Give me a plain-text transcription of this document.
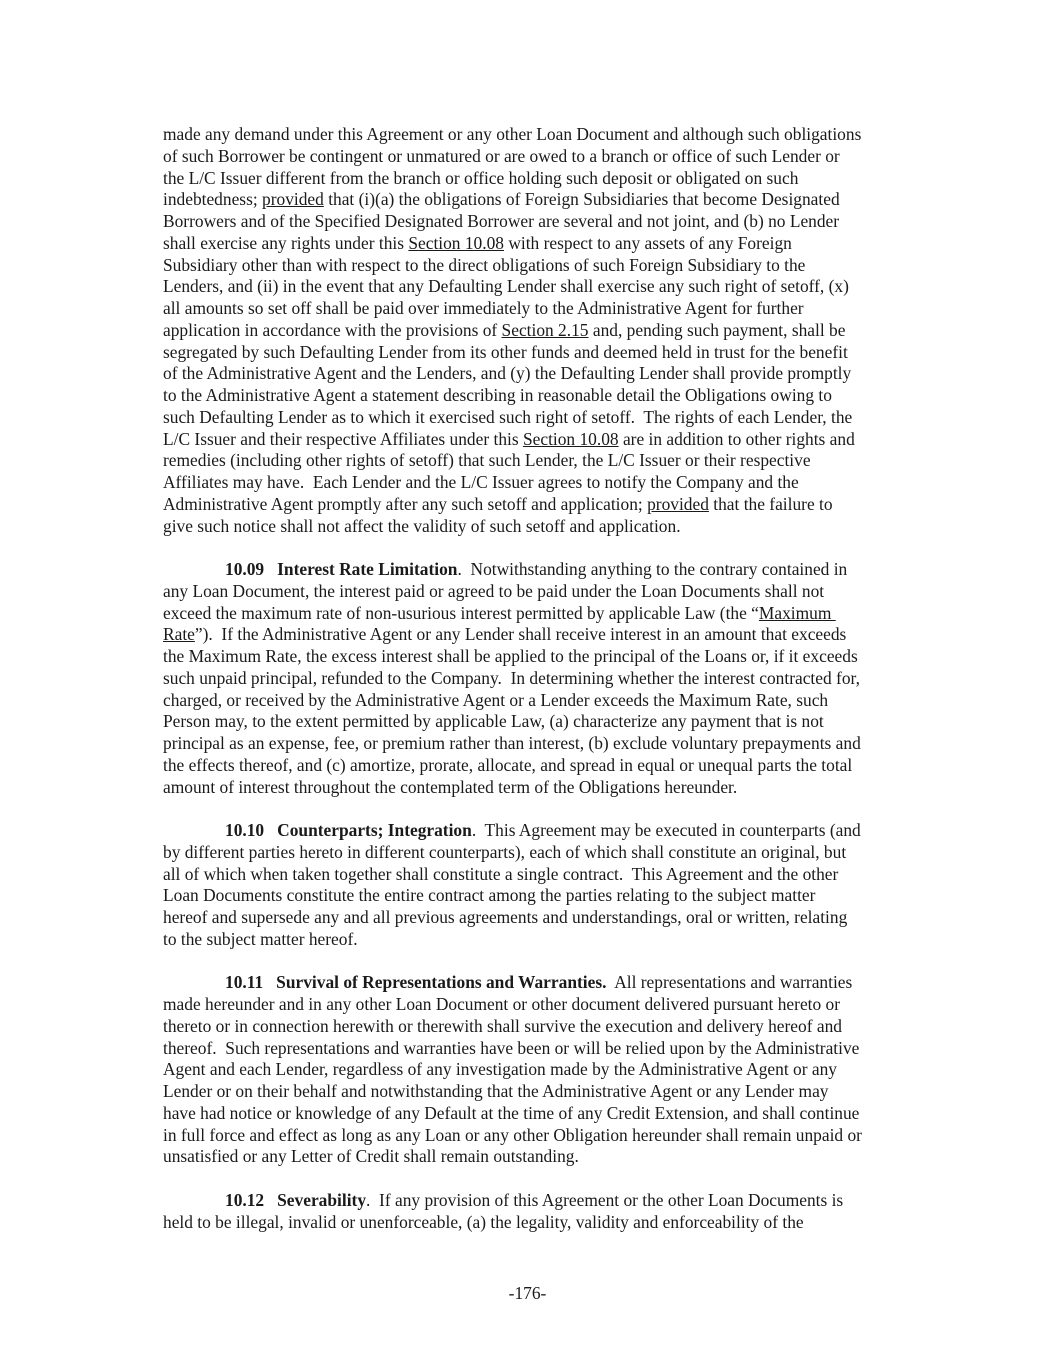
made any demand under this Agreement or any other Loan Document and although such obligations
of such Borrower be contingent or unmatured or are owed to a branch or office of such Lender or
the L/C Issuer different from the branch or office holding such deposit or obligated on such
indebtedness; provided that (i)(a) the obligations of Foreign Subsidiaries that become Designated
Borrowers and of the Specified Designated Borrower are several and not joint, and (b) no Lender
shall exercise any rights under this Section 10.08 with respect to any assets of any Foreign
Subsidiary other than with respect to the direct obligations of such Foreign Subsidiary to the
Lenders, and (ii) in the event that any Defaulting Lender shall exercise any such right of setoff, (x)
all amounts so set off shall be paid over immediately to the Administrative Agent for further
application in accordance with the provisions of Section 2.15 and, pending such payment, shall be
segregated by such Defaulting Lender from its other funds and deemed held in trust for the benefit
of the Administrative Agent and the Lenders, and (y) the Defaulting Lender shall provide promptly
to the Administrative Agent a statement describing in reasonable detail the Obligations owing to
such Defaulting Lender as to which it exercised such right of setoff.  The rights of each Lender, the
L/C Issuer and their respective Affiliates under this Section 10.08 are in addition to other rights and
remedies (including other rights of setoff) that such Lender, the L/C Issuer or their respective
Affiliates may have.  Each Lender and the L/C Issuer agrees to notify the Company and the
Administrative Agent promptly after any such setoff and application; provided that the failure to
give such notice shall not affect the validity of such setoff and application.
10.09 Interest Rate Limitation.  Notwithstanding anything to the contrary contained in
any Loan Document, the interest paid or agreed to be paid under the Loan Documents shall not
exceed the maximum rate of non-usurious interest permitted by applicable Law (the “Maximum
Rate”).  If the Administrative Agent or any Lender shall receive interest in an amount that exceeds
the Maximum Rate, the excess interest shall be applied to the principal of the Loans or, if it exceeds
such unpaid principal, refunded to the Company.  In determining whether the interest contracted for,
charged, or received by the Administrative Agent or a Lender exceeds the Maximum Rate, such
Person may, to the extent permitted by applicable Law, (a) characterize any payment that is not
principal as an expense, fee, or premium rather than interest, (b) exclude voluntary prepayments and
the effects thereof, and (c) amortize, prorate, allocate, and spread in equal or unequal parts the total
amount of interest throughout the contemplated term of the Obligations hereunder.
10.10 Counterparts; Integration.  This Agreement may be executed in counterparts (and
by different parties hereto in different counterparts), each of which shall constitute an original, but
all of which when taken together shall constitute a single contract.  This Agreement and the other
Loan Documents constitute the entire contract among the parties relating to the subject matter
hereof and supersede any and all previous agreements and understandings, oral or written, relating
to the subject matter hereof.
10.11 Survival of Representations and Warranties.  All representations and warranties
made hereunder and in any other Loan Document or other document delivered pursuant hereto or
thereto or in connection herewith or therewith shall survive the execution and delivery hereof and
thereof.  Such representations and warranties have been or will be relied upon by the Administrative
Agent and each Lender, regardless of any investigation made by the Administrative Agent or any
Lender or on their behalf and notwithstanding that the Administrative Agent or any Lender may
have had notice or knowledge of any Default at the time of any Credit Extension, and shall continue
in full force and effect as long as any Loan or any other Obligation hereunder shall remain unpaid or
unsatisfied or any Letter of Credit shall remain outstanding.
10.12 Severability.  If any provision of this Agreement or the other Loan Documents is
held to be illegal, invalid or unenforceable, (a) the legality, validity and enforceability of the
-176-
